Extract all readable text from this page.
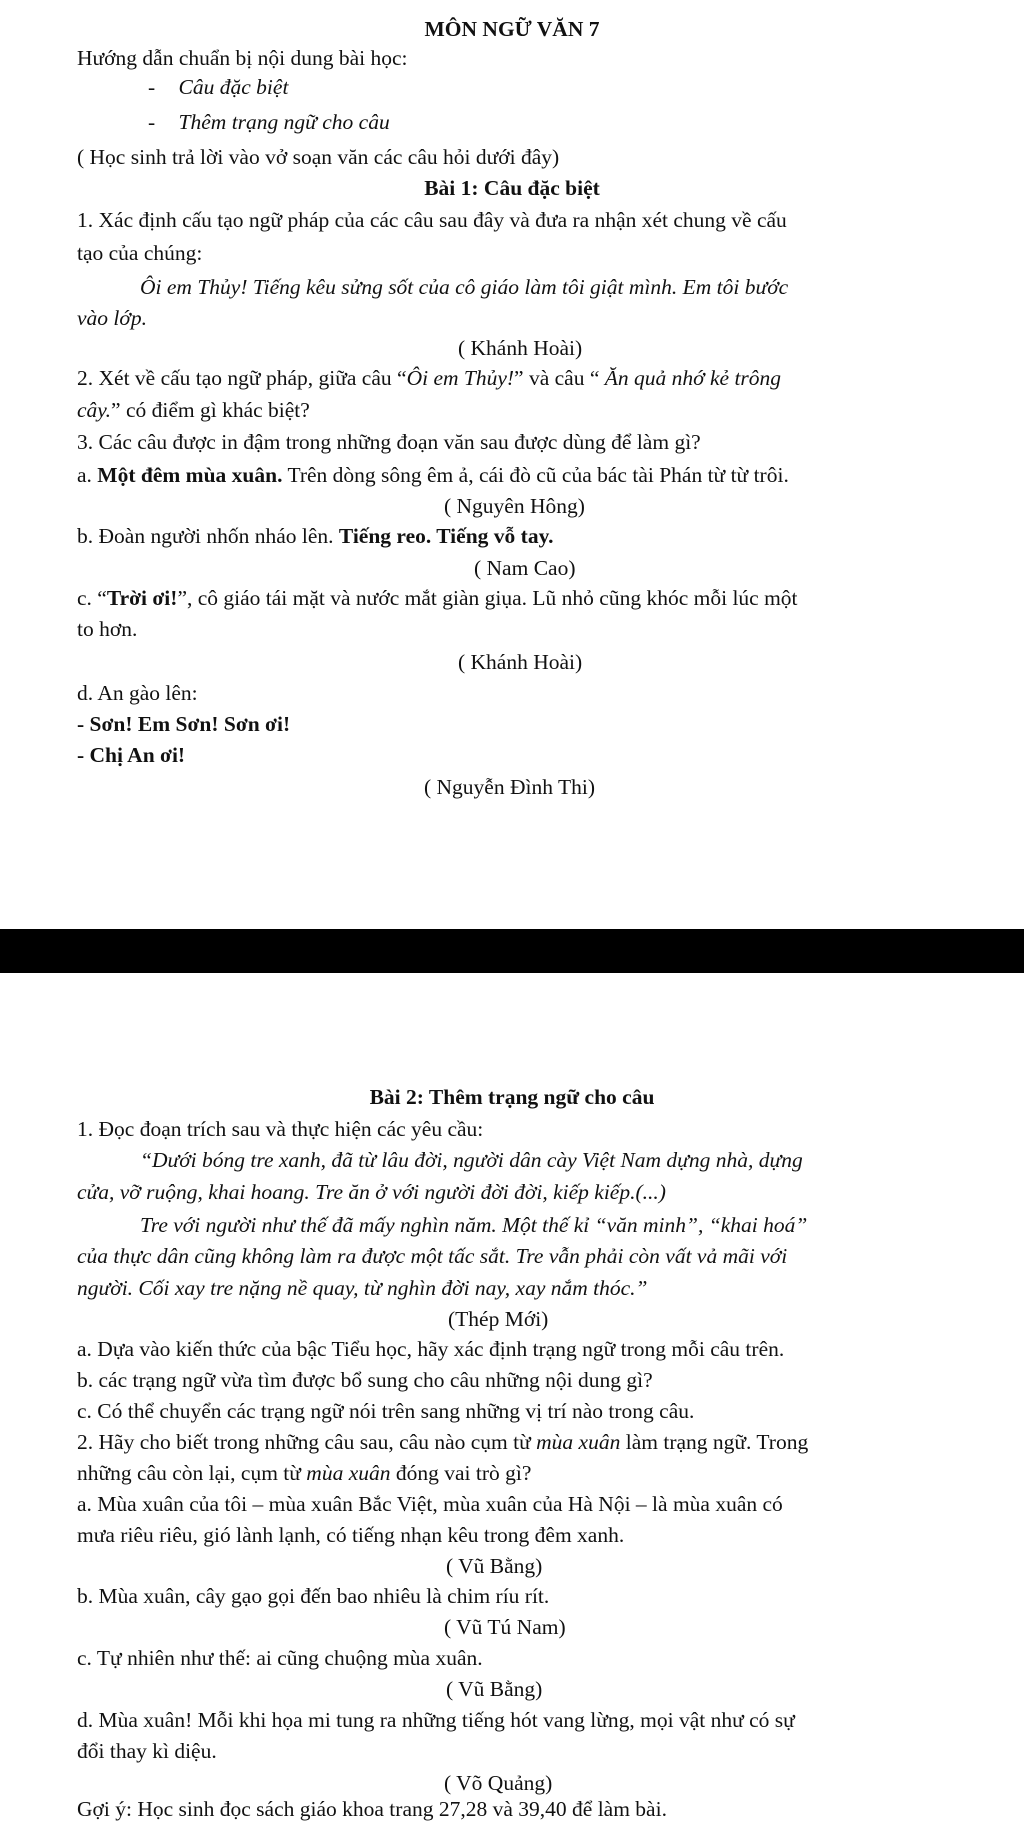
MÔN NGỮ VĂN 7
Hướng dẫn chuẩn bị nội dung bài học:
- Câu đặc biệt
- Thêm trạng ngữ cho câu
( Học sinh trả lời vào vở soạn văn các câu hỏi dưới đây)
Bài 1: Câu đặc biệt
1. Xác định cấu tạo ngữ pháp của các câu sau đây và đưa ra nhận xét chung về cấu
tạo của chúng:
Ôi em Thủy! Tiếng kêu sửng sốt của cô giáo làm tôi giật mình. Em tôi bước
vào lớp.
( Khánh Hoài)
2. Xét về cấu tạo ngữ pháp, giữa câu “Ôi em Thủy!” và câu “ Ăn quả nhớ kẻ trông
cây.” có điểm gì khác biệt?
3. Các câu được in đậm trong những đoạn văn sau được dùng để làm gì?
a. Một đêm mùa xuân. Trên dòng sông êm ả, cái đò cũ của bác tài Phán từ từ trôi.
( Nguyên Hông)
b. Đoàn người nhốn nháo lên. Tiếng reo. Tiếng vỗ tay.
( Nam Cao)
c. “Trời ơi!”, cô giáo tái mặt và nước mắt giàn giụa. Lũ nhỏ cũng khóc mỗi lúc một
to hơn.
( Khánh Hoài)
d. An gào lên:
- Sơn! Em Sơn! Sơn ơi!
- Chị An ơi!
( Nguyễn Đình Thi)
Bài 2: Thêm trạng ngữ cho câu
1. Đọc đoạn trích sau và thực hiện các yêu cầu:
“Dưới bóng tre xanh, đã từ lâu đời, người dân cày Việt Nam dựng nhà, dựng
cửa, vỡ ruộng, khai hoang. Tre ăn ở với người đời đời, kiếp kiếp.(...)
Tre với người như thế đã mấy nghìn năm. Một thế kỉ “văn minh”, “khai hoá”
của thực dân cũng không làm ra được một tấc sắt. Tre vẫn phải còn vất vả mãi với
người. Cối xay tre nặng nề quay, từ nghìn đời nay, xay nắm thóc.”
(Thép Mới)
a. Dựa vào kiến thức của bậc Tiểu học, hãy xác định trạng ngữ trong mỗi câu trên.
b. các trạng ngữ vừa tìm được bổ sung cho câu những nội dung gì?
c. Có thể chuyển các trạng ngữ nói trên sang những vị trí nào trong câu.
2. Hãy cho biết trong những câu sau, câu nào cụm từ mùa xuân làm trạng ngữ. Trong
những câu còn lại, cụm từ mùa xuân đóng vai trò gì?
a. Mùa xuân của tôi – mùa xuân Bắc Việt, mùa xuân của Hà Nội – là mùa xuân có
mưa riêu riêu, gió lành lạnh, có tiếng nhạn kêu trong đêm xanh.
( Vũ Bằng)
b. Mùa xuân, cây gạo gọi đến bao nhiêu là chim ríu rít.
( Vũ Tú Nam)
c. Tự nhiên như thế: ai cũng chuộng mùa xuân.
( Vũ Bằng)
d. Mùa xuân! Mỗi khi họa mi tung ra những tiếng hót vang lừng, mọi vật như có sự
đổi thay kì diệu.
( Võ Quảng)
Gợi ý: Học sinh đọc sách giáo khoa trang 27,28 và 39,40 để làm bài.
